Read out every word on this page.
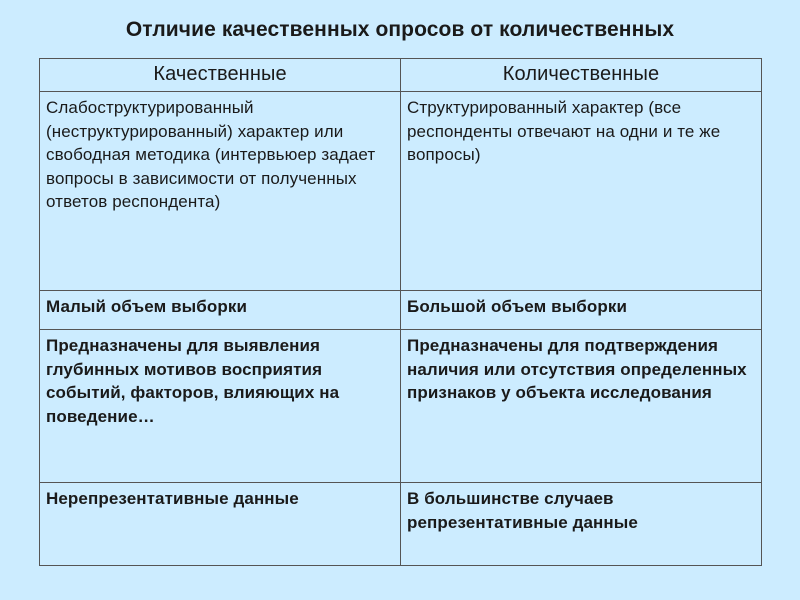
Отличие качественных опросов от количественных
Качественные	Количественные
Слабоструктурированный (неструктурированный) характер или свободная методика (интервьюер задает вопросы в зависимости от полученных ответов респондента)	Структурированный характер (все респонденты отвечают на одни и те же вопросы)
Малый объем выборки	Большой объем выборки
Предназначены для выявления глубинных мотивов восприятия событий, факторов, влияющих на поведение…	Предназначены для подтверждения наличия или отсутствия определенных признаков у объекта исследования
Нерепрезентативные данные	В большинстве случаев репрезентативные данные
